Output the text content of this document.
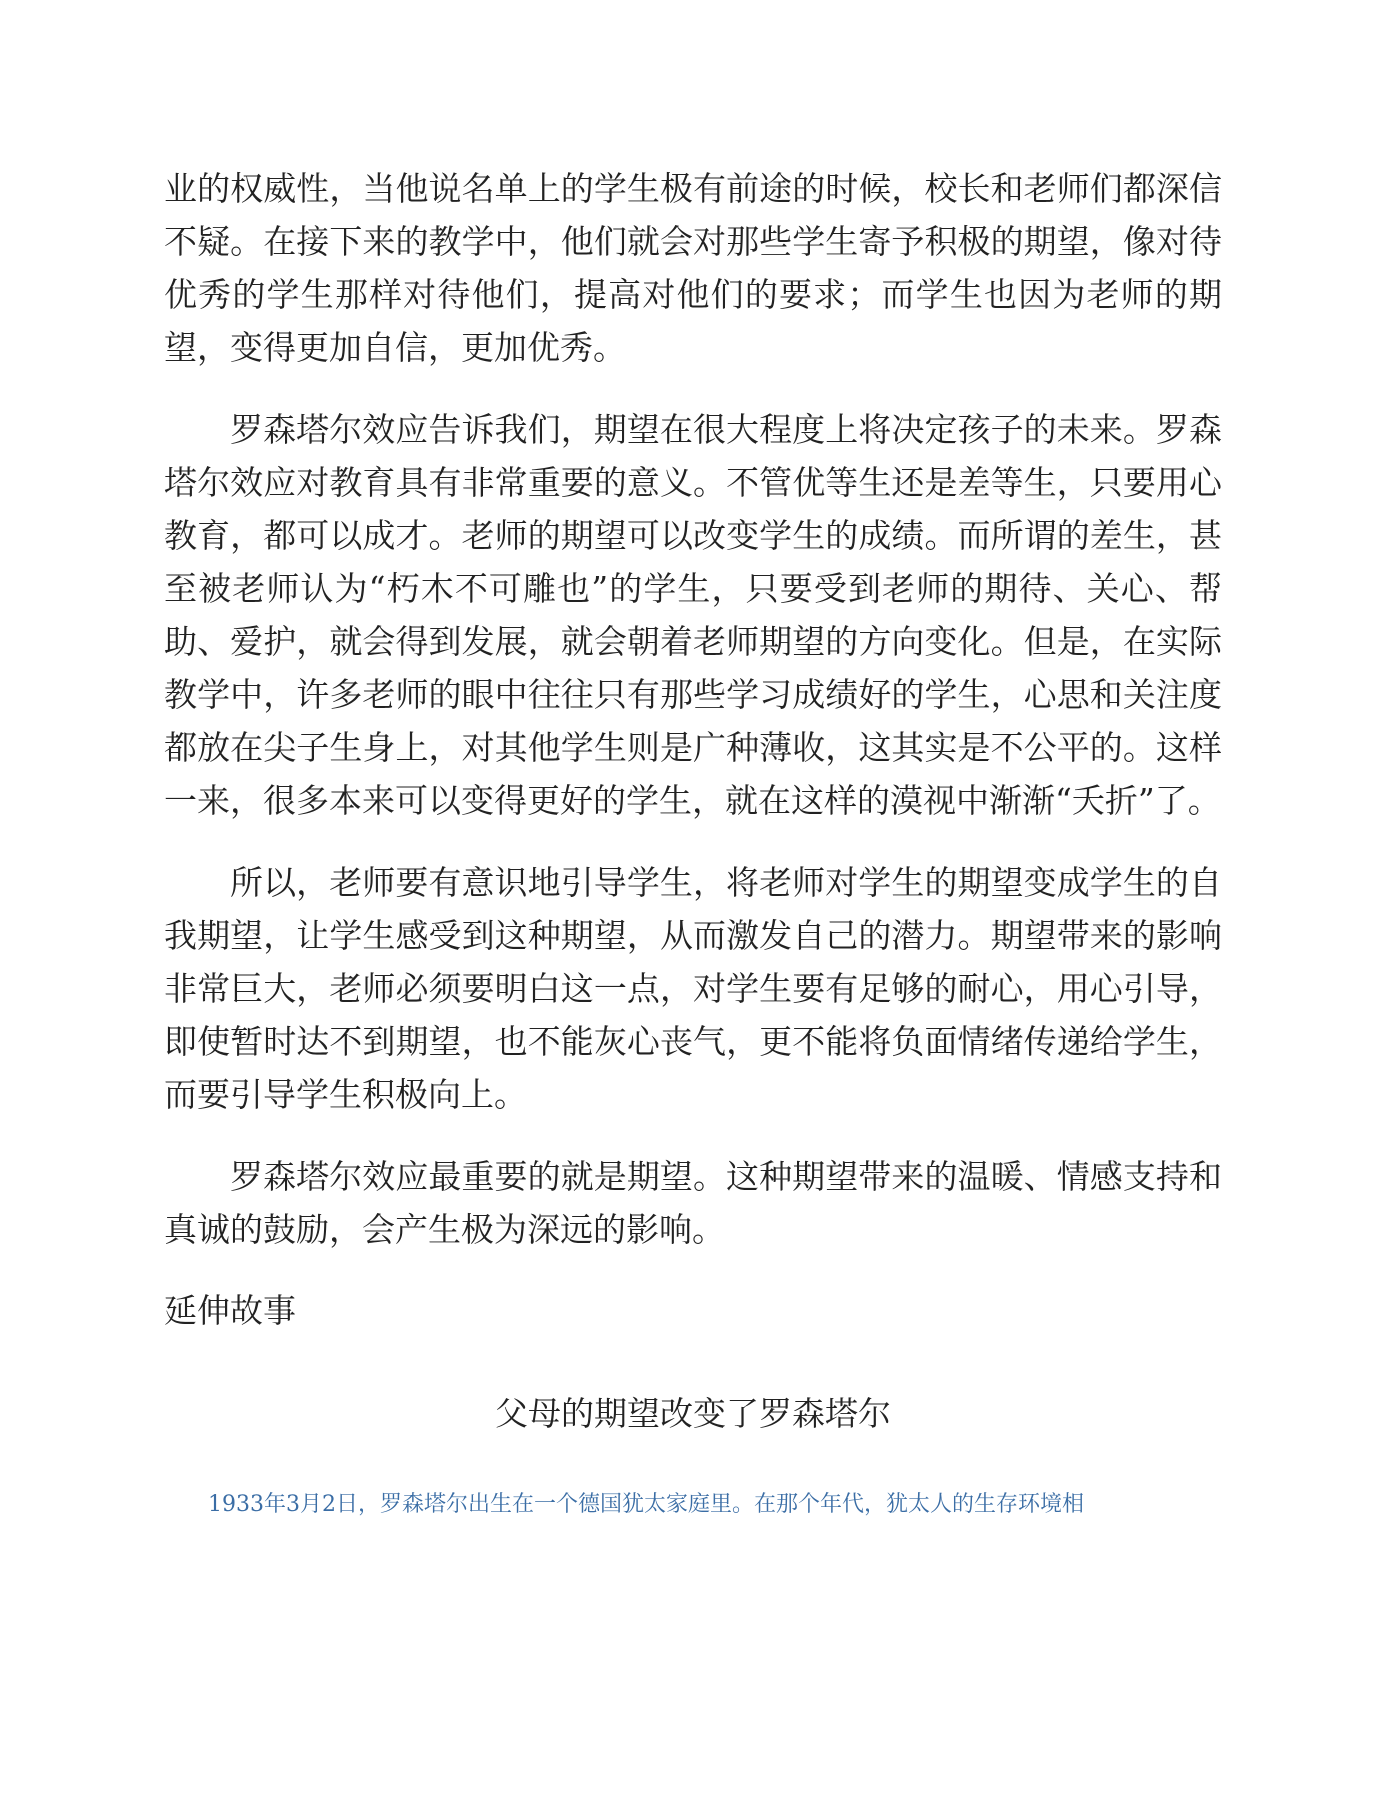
业的权威性，当他说名单上的学生极有前途的时候，校长和老师们都深信不疑。在接下来的教学中，他们就会对那些学生寄予积极的期望，像对待优秀的学生那样对待他们，提高对他们的要求；而学生也因为老师的期望，变得更加自信，更加优秀。

罗森塔尔效应告诉我们，期望在很大程度上将决定孩子的未来。罗森塔尔效应对教育具有非常重要的意义。不管优等生还是差等生，只要用心教育，都可以成才。老师的期望可以改变学生的成绩。而所谓的差生，甚至被老师认为“朽木不可雕也”的学生，只要受到老师的期待、关心、帮助、爱护，就会得到发展，就会朝着老师期望的方向变化。但是，在实际教学中，许多老师的眼中往往只有那些学习成绩好的学生，心思和关注度都放在尖子生身上，对其他学生则是广种薄收，这其实是不公平的。这样一来，很多本来可以变得更好的学生，就在这样的漠视中渐渐“夭折”了。

所以，老师要有意识地引导学生，将老师对学生的期望变成学生的自我期望，让学生感受到这种期望，从而激发自己的潜力。期望带来的影响非常巨大，老师必须要明白这一点，对学生要有足够的耐心，用心引导，即使暂时达不到期望，也不能灰心丧气，更不能将负面情绪传递给学生，而要引导学生积极向上。

罗森塔尔效应最重要的就是期望。这种期望带来的温暖、情感支持和真诚的鼓励，会产生极为深远的影响。

延伸故事
父母的期望改变了罗森塔尔
1933年3月2日，罗森塔尔出生在一个德国犹太家庭里。在那个年代，犹太人的生存环境相
